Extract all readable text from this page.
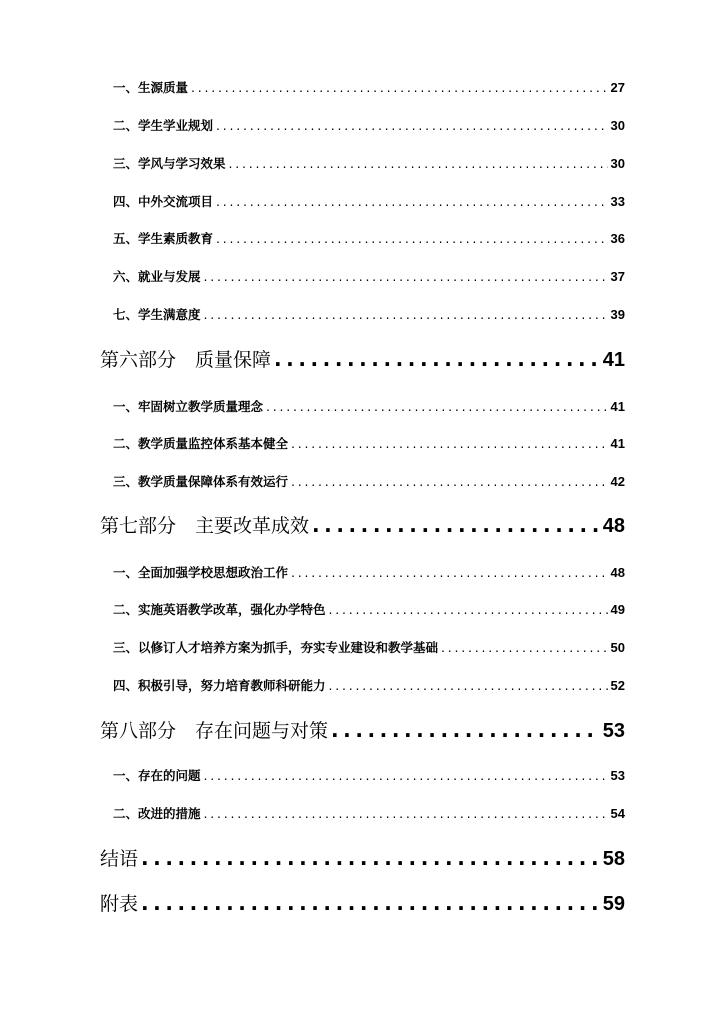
一、生源质量 . . .	27
二、学生学业规划 . . .	30
三、学风与学习效果 . . .	30
四、中外交流项目 . . .	33
五、学生素质教育 . . .	36
六、就业与发展 . . .	37
七、学生满意度 . . .	39
第六部分　质量保障 . . .	41
一、牢固树立教学质量理念 . . .	41
二、教学质量监控体系基本健全 . . .	41
三、教学质量保障体系有效运行 . . .	42
第七部分　主要改革成效 . . .	48
一、全面加强学校思想政治工作 . . .	48
二、实施英语教学改革，强化办学特色 . . .	49
三、以修订人才培养方案为抓手，夯实专业建设和教学基础 . . .	50
四、积极引导，努力培育教师科研能力 . . .	52
第八部分　存在问题与对策 . . .	53
一、存在的问题 . . .	53
二、改进的措施 . . .	54
结语 . . .	58
附表 . . .	59
